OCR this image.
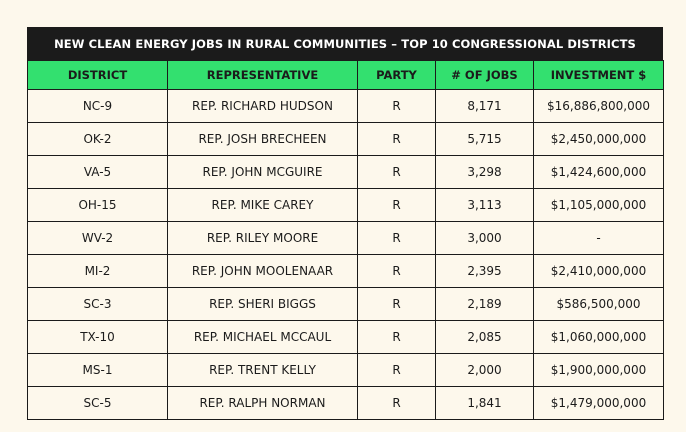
NEW CLEAN ENERGY JOBS IN RURAL COMMUNITIES – TOP 10 CONGRESSIONAL DISTRICTS
DISTRICT	REPRESENTATIVE	PARTY	# OF JOBS	INVESTMENT $
NC-9	REP. RICHARD HUDSON	R	8,171	$16,886,800,000
OK-2	REP. JOSH BRECHEEN	R	5,715	$2,450,000,000
VA-5	REP. JOHN MCGUIRE	R	3,298	$1,424,600,000
OH-15	REP. MIKE CAREY	R	3,113	$1,105,000,000
WV-2	REP. RILEY MOORE	R	3,000	-
MI-2	REP. JOHN MOOLENAAR	R	2,395	$2,410,000,000
SC-3	REP. SHERI BIGGS	R	2,189	$586,500,000
TX-10	REP. MICHAEL MCCAUL	R	2,085	$1,060,000,000
MS-1	REP. TRENT KELLY	R	2,000	$1,900,000,000
SC-5	REP. RALPH NORMAN	R	1,841	$1,479,000,000
